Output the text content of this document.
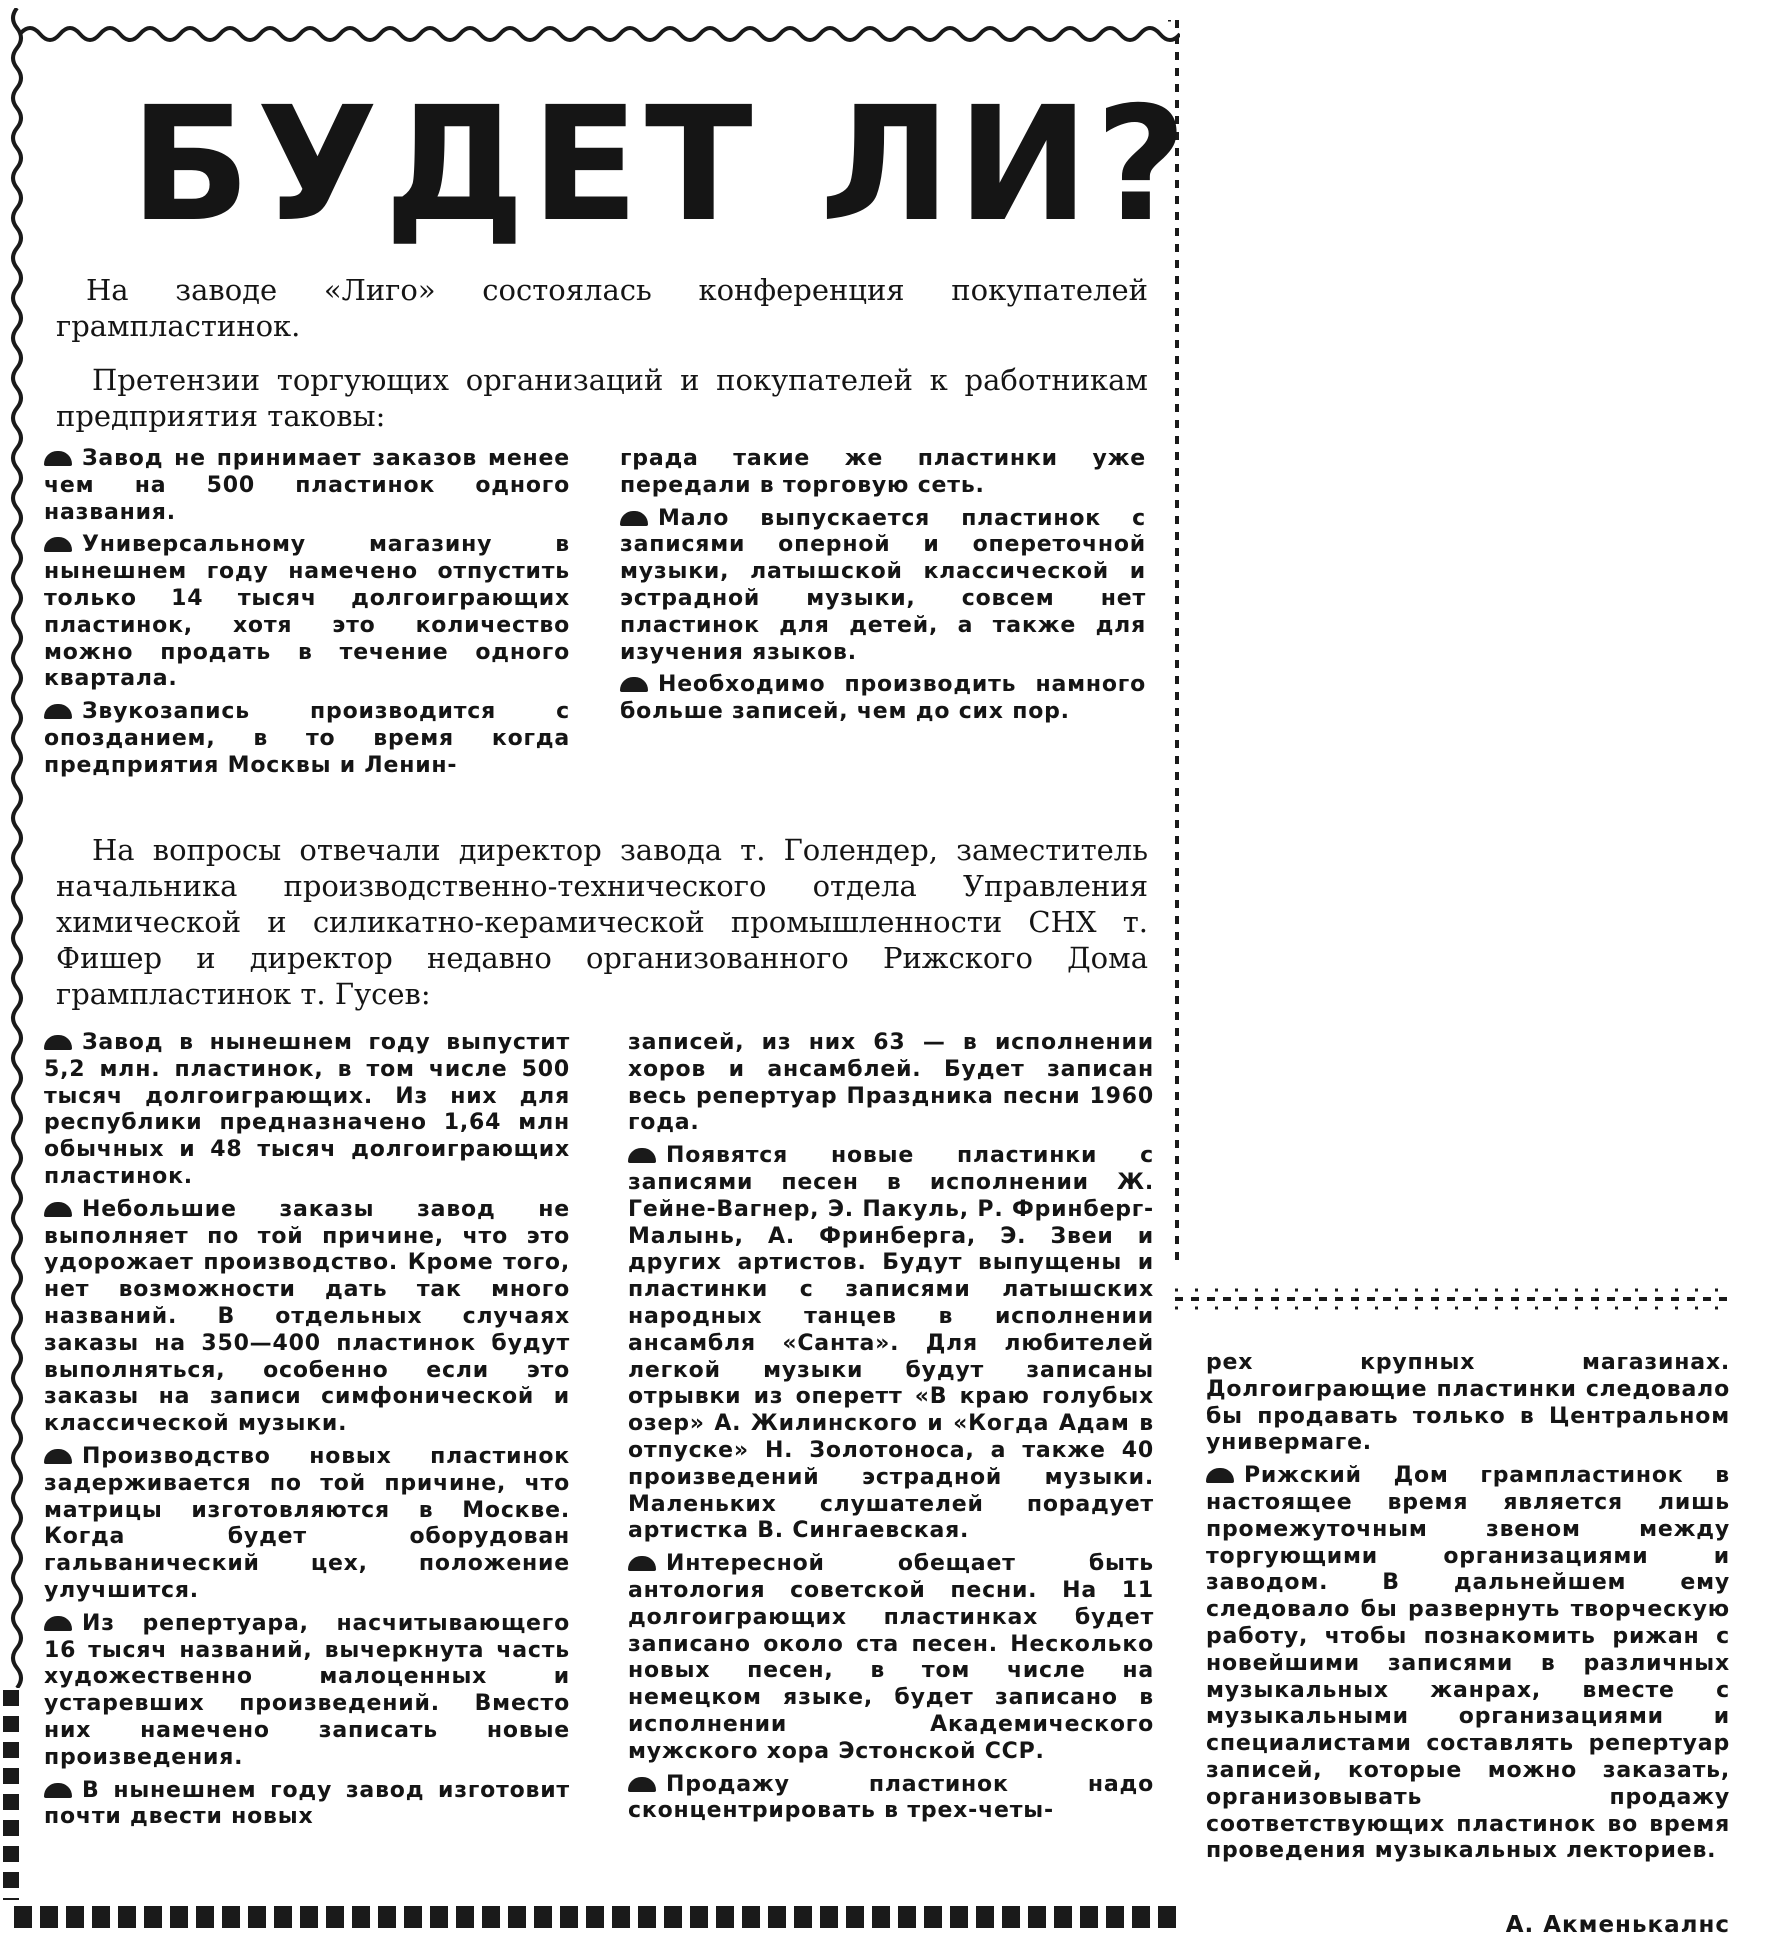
БУДЕТ ЛИ?
На заводе «Лиго» состоялась конференция покупателей грампластинок.
Претензии торгующих организаций и покупателей к работникам предприятия таковы:

Завод не принимает заказов менее чем на 500 пластинок одного названия.

Универсальному магазину в нынешнем году намечено отпустить только 14 тысяч долгоиграющих пластинок, хотя это количество можно продать в течение одного квартала.

Звукозапись производится с опозданием, в то время когда предприятия Москвы и Ленин-

града такие же пластинки уже передали в торговую сеть.

Мало выпускается пластинок с записями оперной и опереточной музыки, латышской классической и эстрадной музыки, совсем нет пластинок для детей, а также для изучения языков.

Необходимо производить намного больше записей, чем до сих пор.

На вопросы отвечали директор завода т. Голендер, заместитель начальника производственно-технического отдела Управления химической и силикатно-керамической промышленности СНХ т. Фишер и директор недавно организованного Рижского Дома грампластинок т. Гусев:

Завод в нынешнем году выпустит 5,2 млн. пластинок, в том числе 500 тысяч долгоиграющих. Из них для республики предназначено 1,64 млн обычных и 48 тысяч долгоиграющих пластинок.

Небольшие заказы завод не выполняет по той причине, что это удорожает производство. Кроме того, нет возможности дать так много названий. В отдельных случаях заказы на 350—400 пластинок будут выполняться, особенно если это заказы на записи симфонической и классической музыки.

Производство новых пластинок задерживается по той причине, что матрицы изготовляются в Москве. Когда будет оборудован гальванический цех, положение улучшится.

Из репертуара, насчитывающего 16 тысяч названий, вычеркнута часть художественно малоценных и устаревших произведений. Вместо них намечено записать новые произведения.

В нынешнем году завод изготовит почти двести новых

записей, из них 63 — в исполнении хоров и ансамблей. Будет записан весь репертуар Праздника песни 1960 года.

Появятся новые пластинки с записями песен в исполнении Ж. Гейне-Вагнер, Э. Пакуль, Р. Фринберг-Малынь, А. Фринберга, Э. Звеи и других артистов. Будут выпущены и пластинки с записями латышских народных танцев в исполнении ансамбля «Санта». Для любителей легкой музыки будут записаны отрывки из оперетт «В краю голубых озер» А. Жилинского и «Когда Адам в отпуске» Н. Золотоноса, а также 40 произведений эстрадной музыки. Маленьких слушателей порадует артистка В. Сингаевская.

Интересной обещает быть антология советской песни. На 11 долгоиграющих пластинках будет записано около ста песен. Несколько новых песен, в том числе на немецком языке, будет записано в исполнении Академического мужского хора Эстонской ССР.

Продажу пластинок надо сконцентрировать в трех-четы-

рех крупных магазинах. Долгоиграющие пластинки следовало бы продавать только в Центральном универмаге.

Рижский Дом грампластинок в настоящее время является лишь промежуточным звеном между торгующими организациями и заводом. В дальнейшем ему следовало бы развернуть творческую работу, чтобы познакомить рижан с новейшими записями в различных музыкальных жанрах, вместе с музыкальными организациями и специалистами составлять репертуар записей, которые можно заказать, организовывать продажу соответствующих пластинок во время проведения музыкальных лекториев.

А. Акменькалнс
